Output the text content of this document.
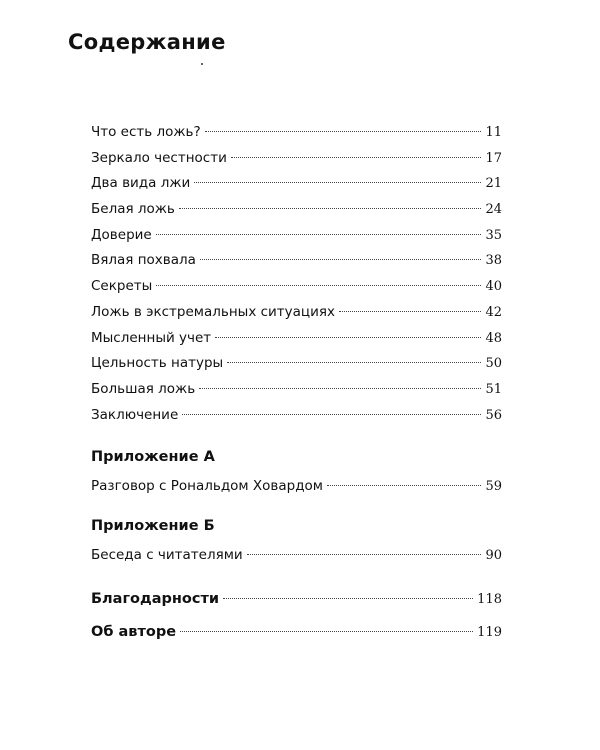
Содержание
Что есть ложь?	11
Зеркало честности	17
Два вида лжи	21
Белая ложь	24
Доверие	35
Вялая похвала	38
Секреты	40
Ложь в экстремальных ситуациях	42
Мысленный учет	48
Цельность натуры	50
Большая ложь	51
Заключение	56
Приложение А
Разговор с Рональдом Ховардом	59
Приложение Б
Беседа с читателями	90
Благодарности	118
Об авторе	119
